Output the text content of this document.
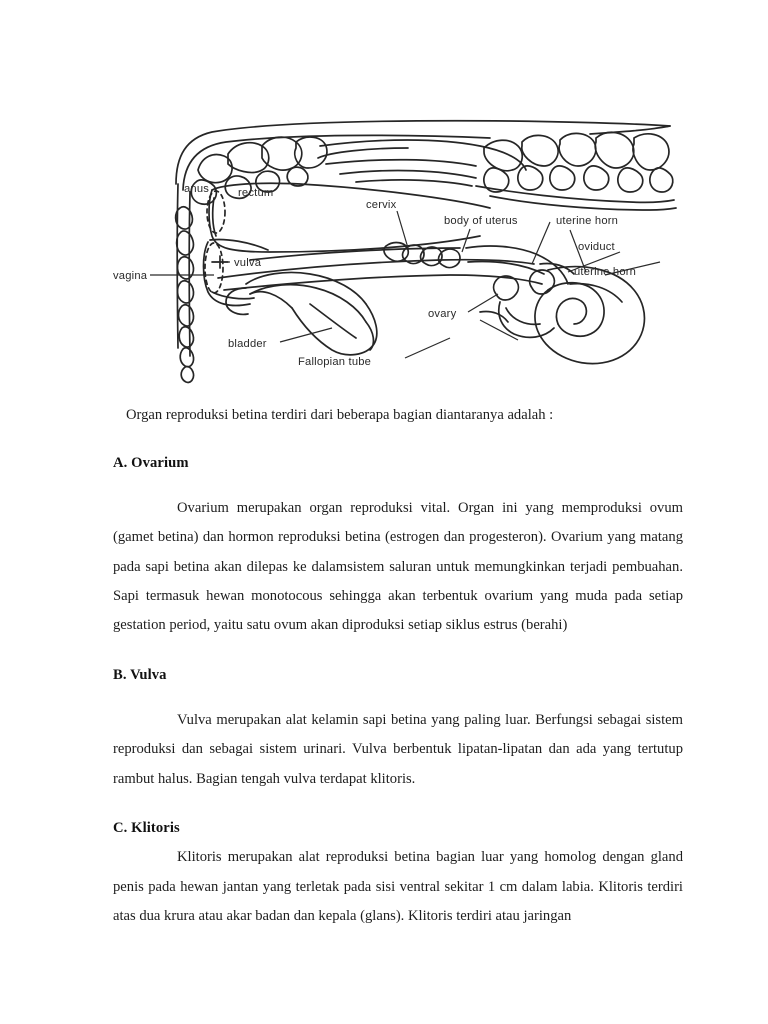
anus	rectum
cervix
body of uterus	uterine horn
oviduct
uterine horn
vulva
vagina
bladder
ovary
Fallopian tube

Organ reproduksi betina terdiri dari beberapa bagian diantaranya adalah :

A. Ovarium

Ovarium merupakan organ reproduksi vital. Organ ini yang memproduksi ovum (gamet betina) dan hormon reproduksi betina (estrogen dan progesteron). Ovarium yang matang pada sapi betina akan dilepas ke dalamsistem saluran untuk memungkinkan terjadi pembuahan. Sapi termasuk hewan monotocous sehingga akan terbentuk ovarium yang muda pada setiap gestation period, yaitu satu ovum akan diproduksi setiap siklus estrus (berahi)

B. Vulva

Vulva merupakan alat kelamin sapi betina yang paling luar. Berfungsi sebagai sistem reproduksi dan sebagai sistem urinari. Vulva berbentuk lipatan-lipatan dan ada yang tertutup rambut halus. Bagian tengah vulva terdapat klitoris.

C. Klitoris

Klitoris merupakan alat reproduksi betina bagian luar yang homolog dengan gland penis pada hewan jantan yang terletak pada sisi ventral sekitar 1 cm dalam labia. Klitoris terdiri atas dua krura atau akar badan dan kepala (glans). Klitoris terdiri atau jaringan
